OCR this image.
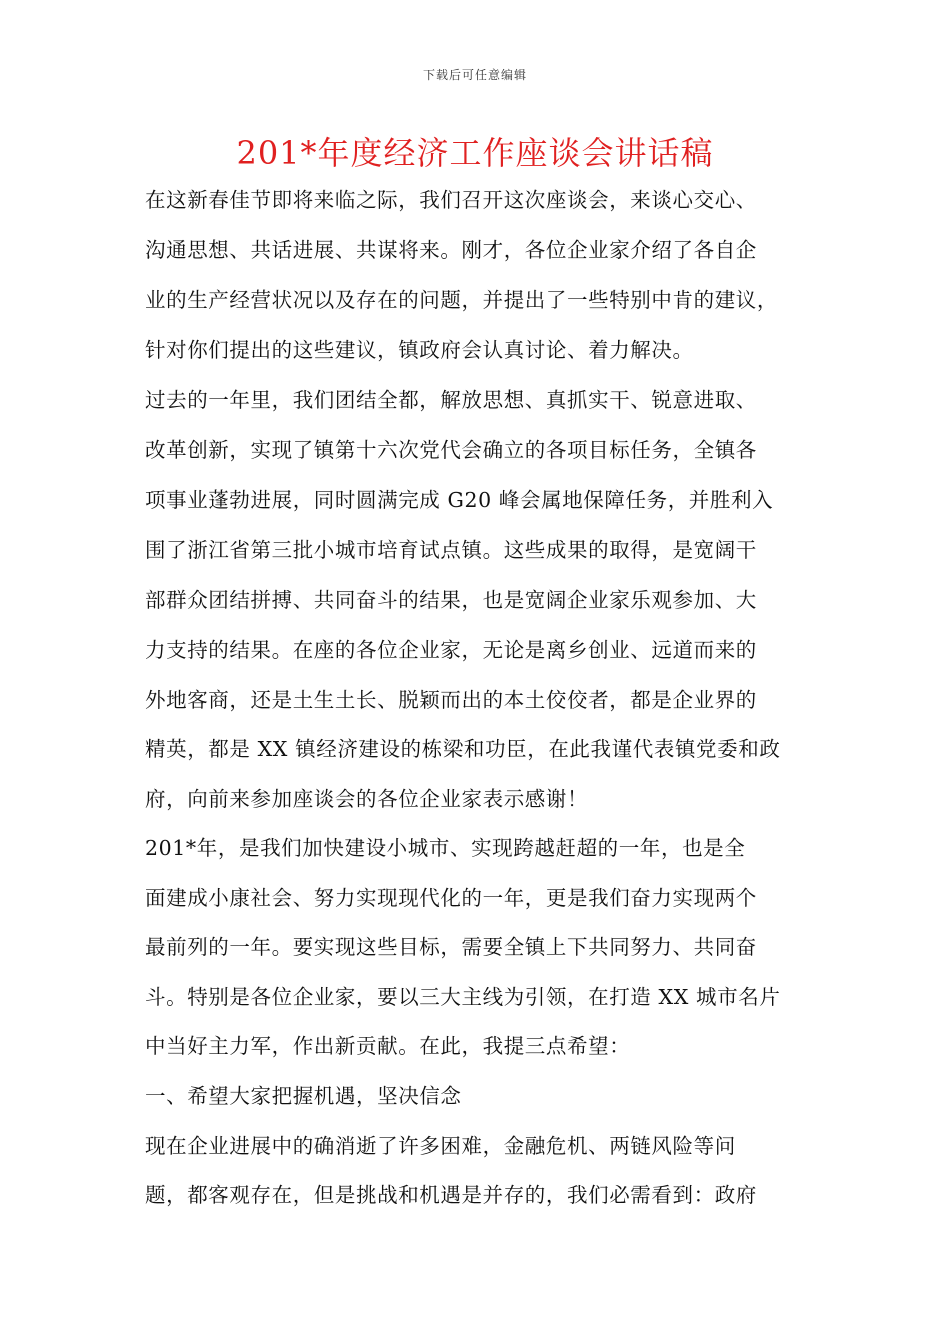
下载后可任意编辑
201*年度经济工作座谈会讲话稿
在这新春佳节即将来临之际，我们召开这次座谈会，来谈心交心、
沟通思想、共话进展、共谋将来。刚才，各位企业家介绍了各自企
业的生产经营状况以及存在的问题，并提出了一些特别中肯的建议，
针对你们提出的这些建议，镇政府会认真讨论、着力解决。
过去的一年里，我们团结全都，解放思想、真抓实干、锐意进取、
改革创新，实现了镇第十六次党代会确立的各项目标任务，全镇各
项事业蓬勃进展，同时圆满完成 G20 峰会属地保障任务，并胜利入
围了浙江省第三批小城市培育试点镇。这些成果的取得，是宽阔干
部群众团结拼搏、共同奋斗的结果，也是宽阔企业家乐观参加、大
力支持的结果。在座的各位企业家，无论是离乡创业、远道而来的
外地客商，还是土生土长、脱颖而出的本土佼佼者，都是企业界的
精英，都是 XX 镇经济建设的栋梁和功臣，在此我谨代表镇党委和政
府，向前来参加座谈会的各位企业家表示感谢！
201*年，是我们加快建设小城市、实现跨越赶超的一年，也是全
面建成小康社会、努力实现现代化的一年，更是我们奋力实现两个
最前列的一年。要实现这些目标，需要全镇上下共同努力、共同奋
斗。特别是各位企业家，要以三大主线为引领，在打造 XX 城市名片
中当好主力军，作出新贡献。在此，我提三点希望：
一、希望大家把握机遇，坚决信念
现在企业进展中的确消逝了许多困难，金融危机、两链风险等问
题，都客观存在，但是挑战和机遇是并存的，我们必需看到：政府
